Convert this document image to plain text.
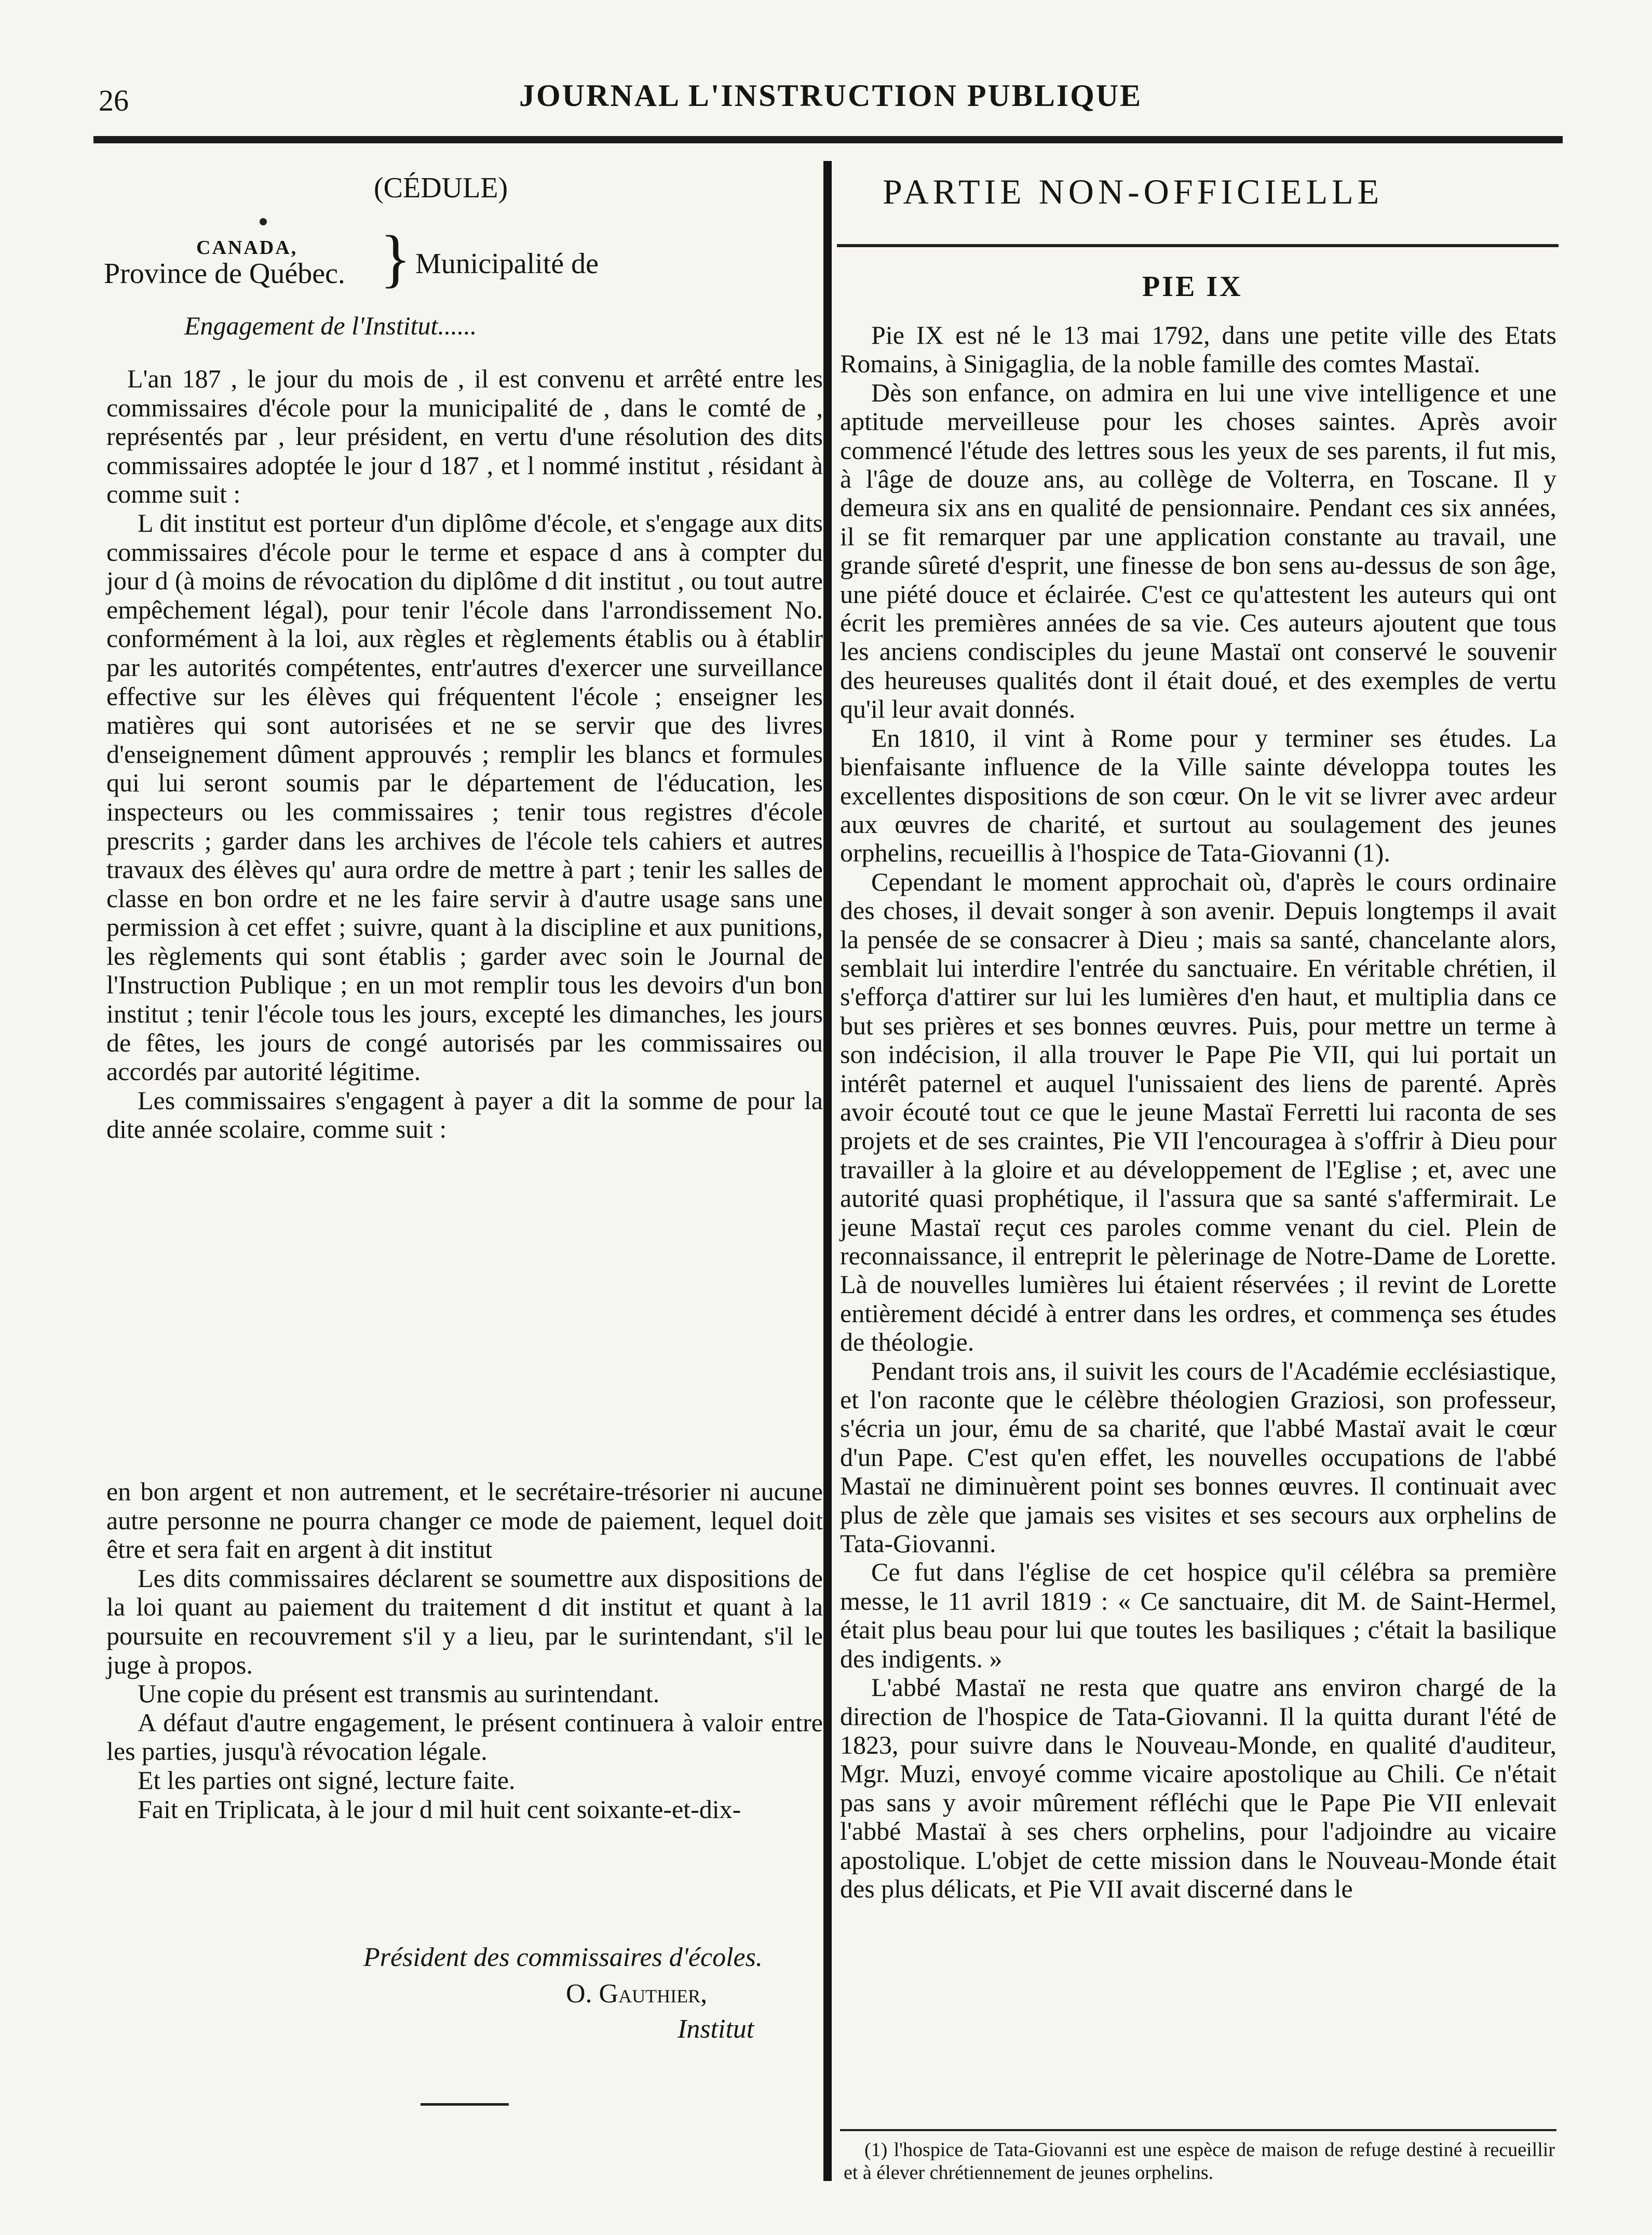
26	JOURNAL L'INSTRUCTION PUBLIQUE
(CÉDULE)
CANADA,
Province de Québec. } Municipalité de
Engagement de l'Institut......

L'an 187 , le jour du mois de , il est convenu et arrêté entre les commissaires d'école pour la municipalité de , dans le comté de , représentés par , leur président, en vertu d'une résolution des dits commissaires adoptée le jour d 187 , et l nommé institut , résidant à comme suit :

L dit institut est porteur d'un diplôme d'école, et s'engage aux dits commissaires d'école pour le terme et espace d ans à compter du jour d (à moins de révocation du diplôme d dit institut , ou tout autre empêchement légal), pour tenir l'école dans l'arrondissement No. conformément à la loi, aux règles et règlements établis ou à établir par les autorités compétentes, entr'autres d'exercer une surveillance effective sur les élèves qui fréquentent l'école ; enseigner les matières qui sont autorisées et ne se servir que des livres d'enseignement dûment approuvés ; remplir les blancs et formules qui lui seront soumis par le département de l'éducation, les inspecteurs ou les commissaires ; tenir tous registres d'école prescrits ; garder dans les archives de l'école tels cahiers et autres travaux des élèves qu' aura ordre de mettre à part ; tenir les salles de classe en bon ordre et ne les faire servir à d'autre usage sans une permission à cet effet ; suivre, quant à la discipline et aux punitions, les règlements qui sont établis ; garder avec soin le Journal de l'Instruction Publique ; en un mot remplir tous les devoirs d'un bon institut ; tenir l'école tous les jours, excepté les dimanches, les jours de fêtes, les jours de congé autorisés par les commissaires ou accordés par autorité légitime.

Les commissaires s'engagent à payer a dit la somme de pour la dite année scolaire, comme suit :

en bon argent et non autrement, et le secrétaire-trésorier ni aucune autre personne ne pourra changer ce mode de paiement, lequel doit être et sera fait en argent à dit institut

Les dits commissaires déclarent se soumettre aux dispositions de la loi quant au paiement du traitement d dit institut et quant à la poursuite en recouvrement s'il y a lieu, par le surintendant, s'il le juge à propos.

Une copie du présent est transmis au surintendant.

A défaut d'autre engagement, le présent continuera à valoir entre les parties, jusqu'à révocation légale.

Et les parties ont signé, lecture faite.

Fait en Triplicata, à le jour d mil huit cent soixante-et-dix-

Président des commissaires d'écoles.
O. Gauthier,
Institut
PARTIE NON-OFFICIELLE
PIE IX

Pie IX est né le 13 mai 1792, dans une petite ville des Etats Romains, à Sinigaglia, de la noble famille des comtes Mastaï.

Dès son enfance, on admira en lui une vive intelligence et une aptitude merveilleuse pour les choses saintes. Après avoir commencé l'étude des lettres sous les yeux de ses parents, il fut mis, à l'âge de douze ans, au collège de Volterra, en Toscane. Il y demeura six ans en qualité de pensionnaire. Pendant ces six années, il se fit remarquer par une application constante au travail, une grande sûreté d'esprit, une finesse de bon sens au-dessus de son âge, une piété douce et éclairée. C'est ce qu'attestent les auteurs qui ont écrit les premières années de sa vie. Ces auteurs ajoutent que tous les anciens condisciples du jeune Mastaï ont conservé le souvenir des heureuses qualités dont il était doué, et des exemples de vertu qu'il leur avait donnés.

En 1810, il vint à Rome pour y terminer ses études. La bienfaisante influence de la Ville sainte développa toutes les excellentes dispositions de son cœur. On le vit se livrer avec ardeur aux œuvres de charité, et surtout au soulagement des jeunes orphelins, recueillis à l'hospice de Tata-Giovanni (1).

Cependant le moment approchait où, d'après le cours ordinaire des choses, il devait songer à son avenir. Depuis longtemps il avait la pensée de se consacrer à Dieu ; mais sa santé, chancelante alors, semblait lui interdire l'entrée du sanctuaire. En véritable chrétien, il s'efforça d'attirer sur lui les lumières d'en haut, et multiplia dans ce but ses prières et ses bonnes œuvres. Puis, pour mettre un terme à son indécision, il alla trouver le Pape Pie VII, qui lui portait un intérêt paternel et auquel l'unissaient des liens de parenté. Après avoir écouté tout ce que le jeune Mastaï Ferretti lui raconta de ses projets et de ses craintes, Pie VII l'encouragea à s'offrir à Dieu pour travailler à la gloire et au développement de l'Eglise ; et, avec une autorité quasi prophétique, il l'assura que sa santé s'affermirait. Le jeune Mastaï reçut ces paroles comme venant du ciel. Plein de reconnaissance, il entreprit le pèlerinage de Notre-Dame de Lorette. Là de nouvelles lumières lui étaient réservées ; il revint de Lorette entièrement décidé à entrer dans les ordres, et commença ses études de théologie.

Pendant trois ans, il suivit les cours de l'Académie ecclésiastique, et l'on raconte que le célèbre théologien Graziosi, son professeur, s'écria un jour, ému de sa charité, que l'abbé Mastaï avait le cœur d'un Pape. C'est qu'en effet, les nouvelles occupations de l'abbé Mastaï ne diminuèrent point ses bonnes œuvres. Il continuait avec plus de zèle que jamais ses visites et ses secours aux orphelins de Tata-Giovanni.

Ce fut dans l'église de cet hospice qu'il célébra sa première messe, le 11 avril 1819 : « Ce sanctuaire, dit M. de Saint-Hermel, était plus beau pour lui que toutes les basiliques ; c'était la basilique des indigents. »

L'abbé Mastaï ne resta que quatre ans environ chargé de la direction de l'hospice de Tata-Giovanni. Il la quitta durant l'été de 1823, pour suivre dans le Nouveau-Monde, en qualité d'auditeur, Mgr. Muzi, envoyé comme vicaire apostolique au Chili. Ce n'était pas sans y avoir mûrement réfléchi que le Pape Pie VII enlevait l'abbé Mastaï à ses chers orphelins, pour l'adjoindre au vicaire apostolique. L'objet de cette mission dans le Nouveau-Monde était des plus délicats, et Pie VII avait discerné dans le

(1) l'hospice de Tata-Giovanni est une espèce de maison de refuge destiné à recueillir et à élever chrétiennement de jeunes orphelins.
